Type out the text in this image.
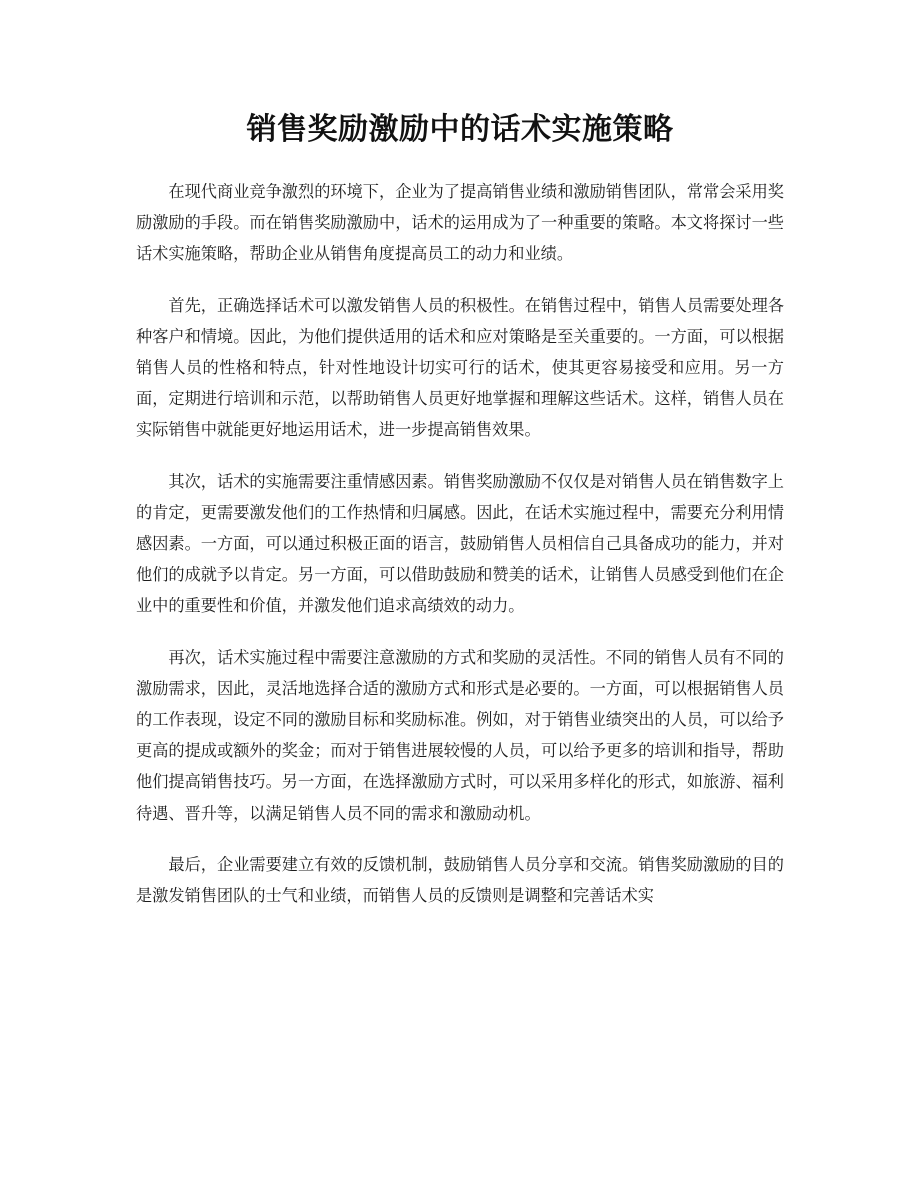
销售奖励激励中的话术实施策略

在现代商业竞争激烈的环境下，企业为了提高销售业绩和激励销售团队，常常会采用奖励激励的手段。而在销售奖励激励中，话术的运用成为了一种重要的策略。本文将探讨一些话术实施策略，帮助企业从销售角度提高员工的动力和业绩。

首先，正确选择话术可以激发销售人员的积极性。在销售过程中，销售人员需要处理各种客户和情境。因此，为他们提供适用的话术和应对策略是至关重要的。一方面，可以根据销售人员的性格和特点，针对性地设计切实可行的话术，使其更容易接受和应用。另一方面，定期进行培训和示范，以帮助销售人员更好地掌握和理解这些话术。这样，销售人员在实际销售中就能更好地运用话术，进一步提高销售效果。

其次，话术的实施需要注重情感因素。销售奖励激励不仅仅是对销售人员在销售数字上的肯定，更需要激发他们的工作热情和归属感。因此，在话术实施过程中，需要充分利用情感因素。一方面，可以通过积极正面的语言，鼓励销售人员相信自己具备成功的能力，并对他们的成就予以肯定。另一方面，可以借助鼓励和赞美的话术，让销售人员感受到他们在企业中的重要性和价值，并激发他们追求高绩效的动力。

再次，话术实施过程中需要注意激励的方式和奖励的灵活性。不同的销售人员有不同的激励需求，因此，灵活地选择合适的激励方式和形式是必要的。一方面，可以根据销售人员的工作表现，设定不同的激励目标和奖励标准。例如，对于销售业绩突出的人员，可以给予更高的提成或额外的奖金；而对于销售进展较慢的人员，可以给予更多的培训和指导，帮助他们提高销售技巧。另一方面，在选择激励方式时，可以采用多样化的形式，如旅游、福利待遇、晋升等，以满足销售人员不同的需求和激励动机。

最后，企业需要建立有效的反馈机制，鼓励销售人员分享和交流。销售奖励激励的目的是激发销售团队的士气和业绩，而销售人员的反馈则是调整和完善话术实
